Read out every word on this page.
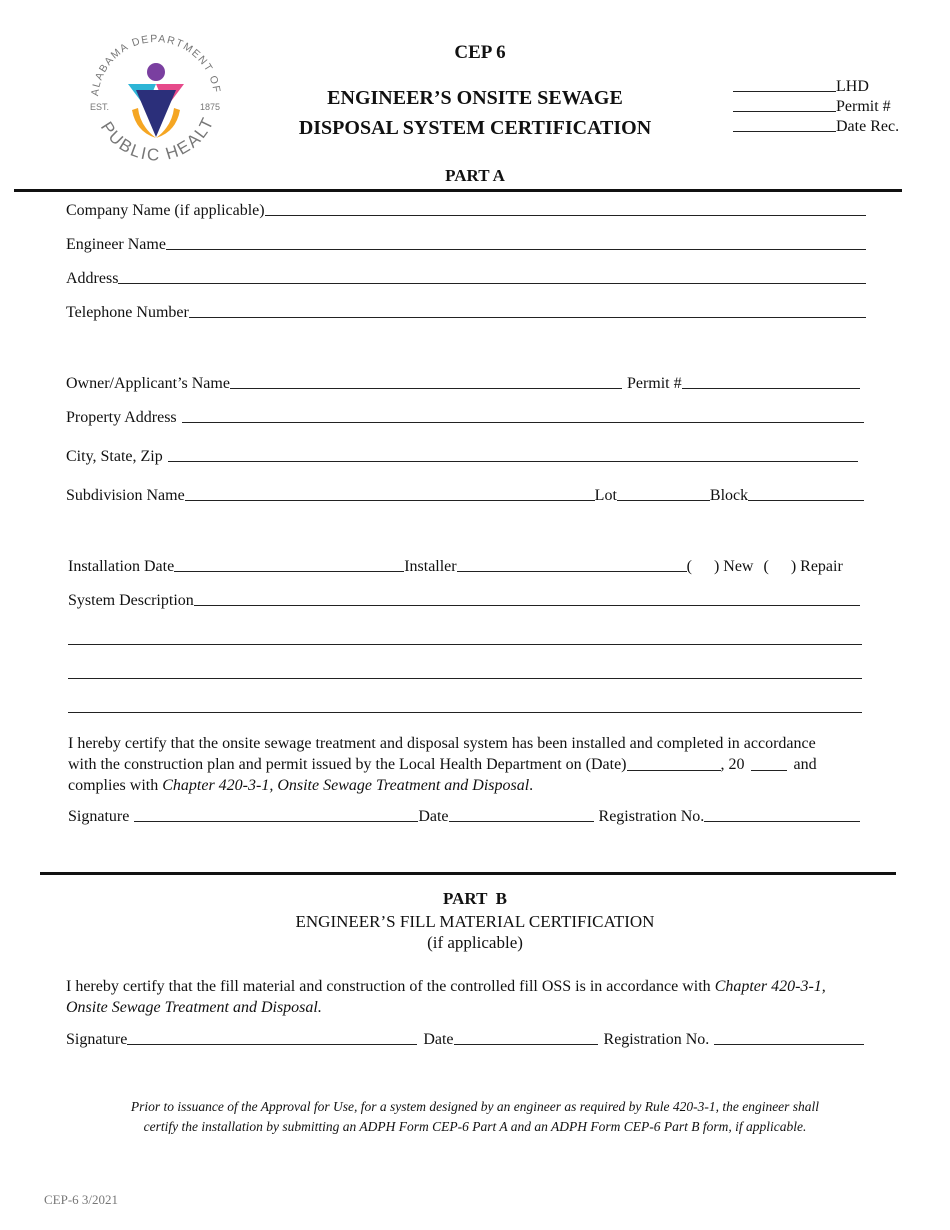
ALABAMA DEPARTMENT OF
PUBLIC HEALT
EST.	1875
CEP 6
ENGINEER’S ONSITE SEWAGE
DISPOSAL SYSTEM CERTIFICATION
LHD
Permit #
Date Rec.
PART A
Company Name (if applicable)
Engineer Name
Address
Telephone Number
Owner/Applicant’s Name	Permit #
Property Address
City, State, Zip
Subdivision Name	Lot	Block
Installation Date	Installer	( ) New ( ) Repair
System Description
I hereby certify that the onsite sewage treatment and disposal system has been installed and completed in accordance
with the construction plan and permit issued by the Local Health Department on (Date)	, 20	and
complies with Chapter 420-3-1, Onsite Sewage Treatment and Disposal.
Signature	Date	Registration No.
PART  B
ENGINEER’S FILL MATERIAL CERTIFICATION
(if applicable)
I hereby certify that the fill material and construction of the controlled fill OSS is in accordance with Chapter 420-3-1,
Onsite Sewage Treatment and Disposal.
Signature	Date	Registration No.
Prior to issuance of the Approval for Use, for a system designed by an engineer as required by Rule 420-3-1, the engineer shall
certify the installation by submitting an ADPH Form CEP-6 Part A and an ADPH Form CEP-6 Part B form, if applicable.
CEP-6 3/2021
